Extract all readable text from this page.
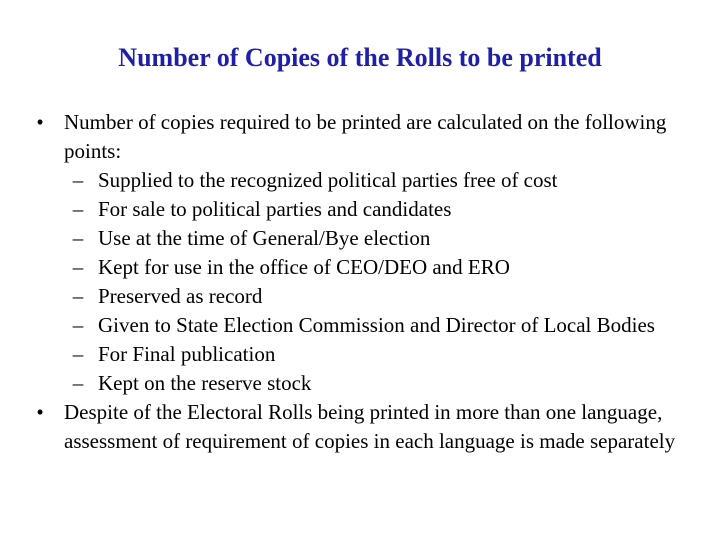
Number of Copies of the Rolls to be printed
• Number of copies required to be printed are calculated on the following points:
– Supplied to the recognized political parties free of cost
– For sale to political parties and candidates
– Use at the time of General/Bye election
– Kept for use in the office of CEO/DEO and ERO
– Preserved as record
– Given to State Election Commission and Director of Local Bodies
– For Final publication
– Kept on the reserve stock
• Despite of the Electoral Rolls being printed in more than one language, assessment of requirement of copies in each language is made separately
